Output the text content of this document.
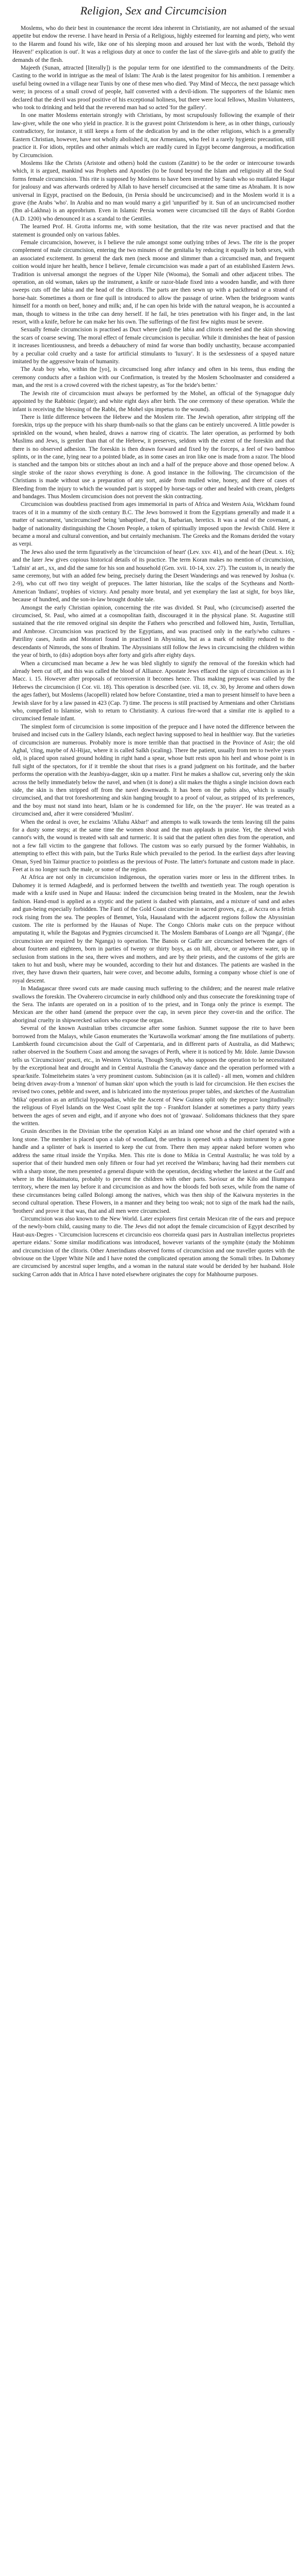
Religion, Sex and Circumcision

Moslems, who do their best in countenance the recent idea inherent in Christianity, are not ashamed of the sexual appetite but endow the reverse. I have heard in Persia of a Religious, highly esteemed for learning and piety, who went to the Harem and found his wife, like one of his sleeping moon and aroused her lust with the words, 'Behold thy Heaven!' explication is out'. It was a religious duty at once to confer the last of the slave-girls and able to gratify the demands of the flesh.

Majeeth (Sunan, attracted [literally]) is the popular term for one identified to the commandments of the Deity. Casting to the world in intrigue as the meal of Islam: The Arab is the latest progenitor for his ambition. I remember a useful being owned in a village near Tunis by one of these men who died. 'Pay Mind of Mecca, the next passage which were; in process of a small crowd of people, half converted with a devil-idiom. The supporters of the Islamic men declared that the devil was proof positive of his exceptional holiness, but there were local fellows, Muslim Volunteers, who took to drinking and held that the reverend man had so acted 'for the gallery'.

In one matter Moslems entertain strongly with Christians, by most scrupulously following the example of their law-giver, while the one who yield in practice. It is the gravest point Christendom is here, as in other things, curiously contradictory, for instance, it still keeps a form of the dedication by and in the other religions, which is a generally Eastern Christian, however, have not wholly abolished it, nor Armenians, who feel it a rarely hygienic precaution, still practice it. For idiots, reptiles and other animals which are readily cured in Egypt become dangerous, a modification by Circumcision.

Moslems like the Christs (Aristote and others) hold the custom (Zanitte) to be the order or intercourse towards which, it is argued, mankind was Prophets and Apostles (to be found beyond the Islam and religiosity all the Soul forms female circumcision. This rite is supposed by Moslems to have been invented by Sarah who so mutilated Hagar for jealousy and was afterwards ordered by Allah to have herself circumcised at the same time as Abraham. It is now universal in Egypt, practised on the Bedouin, (in Persia should be uncircumcised) and in the Moslem world it is a grave (the Arabs 'who'. In Arabia and no man would marry a girl 'unpurified' by it. Sun of an uncircumcised mother (Ibn al-Lakhna) is an approbrium. Even in Islamic Persia women were circumcised till the days of Rabbi Gordon (A.D. 1200) who denounced it as a scandal to the Gentiles.

The learned Prof. H. Grotta informs me, with some hesitation, that the rite was never practised and that the statement is grounded only on various fables.

Female circumcision, however, is I believe the rule amongst some outlying tribes of Jews. The rite is the proper complement of male circumcision, entering the two minutes of the genitalia by reducing it equally in both sexes, with an associated excitement. In general the dark men (neck moose and slimmer than a circumcised man, and frequent coition would injure her health, hence I believe, female circumcision was made a part of an established Eastern Jews. Tradition is universal amongst the negroes of the Upper Nile (Wooma), the Somali and other adjacent tribes. The operation, an old woman, takes up the instrument, a knife or razor-blade fixed into a wooden handle, and with three sweeps cuts off the labia and the head of the clitoris. The parts are then sewn up with a packthread or a strand of horse-hair. Sometimes a thorn or fine quill is introduced to allow the passage of urine. When the bridegroom wants himself for a month on beef, honey and milk; and, if he can open his bride with the natural weapon, he is accounted a man, though to witness in the tribe can deny herself. If he fail, he tries penetration with his finger and, in the last resort, with a knife, before he can make her his own. The sufferings of the first few nights must be severe.

Sexually female circumcision is practised as Duct where (and) the labia and clitoris needed and the skin showing the scars of coarse sewing. The moral effect of female circumcision is peculiar. While it diminishes the heat of passion it increases licentiousness, and breeds a debauchery of mind far worse than bodily unchastity, because accompanied by a peculiar cold cruelty and a taste for artificial stimulants to 'luxury'. It is the sexlessness of a spayed nature imitated by the aggressive brain of humanity.

The Arab boy who, within the [yo], is circumcised long after infancy and often in his teens, thus ending the ceremony conducts after a fashion with our Confirmation, is treated by the Moslem Schoolmaster and considered a man, and the rest is a crowd covered with the richest tapestry, as 'for the bride's better.'

The Jewish rite of circumcision must always be performed by the Mohel, an official of the Synagogue duly appointed by the Rabbinic (legate); and white eight days after birth. The one ceremony of these operation. While the infant is receiving the blessing of the Rabbi, the Mohel sips impetus to the wound).

There is little difference between the Hebrew and the Moslem rite. The Jewish operation, after stripping off the foreskin, trips up the prepuce with his sharp thumb-nails so that the glans can be entirely uncovered. A little powder is sprinkled on the wound, when healed, draws a narrow ring of cicatrix. The later operation, as performed by both Muslims and Jews, is gentler than that of the Hebrew, it preserves, seldom with the extent of the foreskin and that there is no observed adhesion. The foreskin is then drawn forward and fixed by the forceps, a feel of two bamboo splints, or in the cane, lying near to a pointed blade, as in some cases an iron like one is made from a razor. The blood is stanched and the tampon bits or stitches about an inch and a half of the prepuce above and those opened below. A single stroke of the razor shows everything is done. A good instance in the following. The circumcision of the Christians is made without use a preparation of any sort, aside from mulled wine, honey, and there of cases of Bleeding from the injury to which the wounded part is stopped by horse-tags or other and healed with cream, pledgets and bandages. Thus Moslem circumcision does not prevent the skin contracting.

Circumcision was doubtless practised from ages immemorial in parts of Africa and Western Asia, Wickham found traces of it in a mummy of the sixth century B.C. The Jews borrowed it from the Egyptians generally and made it a matter of sacrament, 'uncircumcised' being 'unbaptised', that is, Barbarian, heretics. It was a seal of the covenant, a badge of nationality distinguishing the Chosen People, a token of spiritually imposed upon the Jewish Child. Here it became a moral and cultural convention, and but certainly mechanism. The Greeks and the Romans derided the votary as verpi.

The Jews also used the term figuratively as the 'circumcision of heart' (Lev. xxv. 41), and of the heart (Deut. x. 16); and the later Jew gives copious historical details of its practice. The term Koran makes no mention of circumcision, 'Lafnin' at art., xx, and did the same for his son and household (Gen. xvii. 10-14, xxv. 27). The custom is, in nearly the same ceremony, but with an added few being, precisely during the Desert Wanderings and was renewed by Joshua (v. 2-9), who cut off two tiny weight of prepuces. The latter historian, like the scalps of the Scytheans and North-American 'Indians', trophies of victory. And penalty more brutal, and yet exemplary the last at sight, for boys like, because of hundred, and the son-in-law brought double tale.

Amongst the early Christian opinion, concerning the rite was divided. St Paul, who (circumcised) asserted the circumcised, St. Paul, who aimed at a cosmopolitan faith, discouraged it in the physical plane. St. Augustine still sustained that the rite removed original sin despite the Fathers who prescribed and followed him, Justin, Tertullian, and Ambrose. Circumcision was practiced by the Egyptians, and was practised only in the early/who cultures - Patriliny cases, Justin and Moratori found in practised in Abyssinia, but as a mark of nobility reduced to the descendants of Nimrods, the sons of Ibrahim. The Abyssinians still follow the Jews in circumcising the children within the year of birth, to (dis) adoption boys after forty and girls after eighty days.

When a circumcised man became a Jew he was bled slightly to signify the removal of the foreskin which had already been cut off, and this was called the blood of Alliance. Apostate Jews effaced the sign of circumcision as in I Macc. i. 15. However after proposals of reconversion it becomes hence. Thus making prepuces was called by the Hebrews the circumcision (I Cor. vii. 18). This operation is described (see. vii. 18, cv. 30, by Jerome and others down the ages father), but Moslems (Jacopelli) related how before Constantine, tried a man to present himself to have been a Jewish slave for by a law passed in 423 (Cap. 7) time. The process is still practised by Armenians and other Christians who, compelled to Islamise, wish to return to Christianity. A curious fire-word that a similar rite is applied to a circumcised female infant.

The simplest form of circumcision is some imposition of the prepuce and I have noted the difference between the bruised and incised cuts in the Gallery Islands, each neglect having supposed to heal in healthier way. But the varieties of circumcision are numerous. Probably more is more terrible than that practised in the Province of Asir; the old Aghal, 'cling, maybe of Al-Hijaz, where it is called Salkh (scaling). There the patient, usually from ten to twelve years old, is placed upon raised ground holding in right hand a spear, whose butt rests upon his heel and whose point is in full sight of the spectators, for if it tremble the shout that rises is a grand judgment on his fortitude, and the barber performs the operation with the Jeanbiya-dagger, skin up a matter. First he makes a shallow cut, severing only the skin across the belly immediately below the navel, and when (it is done) a slit makes the thighs a single incision down each side, the skin is then stripped off from the navel downwards. It has been on the pubis also, which is usually circumcised, and that trot foreshortening and skin hanging brought to a proof of valour, as stripped of its preferences, and the boy must not stand into heart, Islam or he is condemned for life, on the 'the prayer'. He was treated as a circumcised and, after it were considered 'Muslim'.

When the ordeal is over, he exclaims 'Allahu Akbar!' and attempts to walk towards the tents leaving till the pains for a dusty some steps; at the same time the women shout and the man applauds in praise. Yet, the shrewd wish cannot's with, the wound is treated with salt and turmeric. It is said that the patient often dies from the operation, and not a few fall victim to the gangrene that follows. The custom was so early pursued by the former Wahhabis, in attempting to effect this with pain, but the Turks Rule which prevailed to the period. In the earliest days after leaving Oman, Syed bin Taimur practice to pointless as the previous of Poste. The latter's fortunate and custom made in place. Feet at is no longer such the male, or some of the region.

At Africa are not only in circumcision indigenous, the operation varies more or less in the different tribes. In Dahomey it is termed Adagbedé, and is performed between the twelfth and twentieth year. The rough operation is made with a knife used in Nupe and Hausa: indeed the circumcision being treated in the Moslem, near the Jewish fashion. Hand-mud is applied as a styptic and the patient is daubed with plantains, and a mixture of sand and ashes and gun-being especially forbidden. The Fanti of the Gold Coast circumcise in sacred groves, e.g., at Accra on a fetish rock rising from the sea. The peoples of Benmet, Yola, Hausaland with the adjacent regions follow the Abyssinian custom. The rite is performed by the Hausas of Nupe. The Congo Chloris make cuts on the prepuce without amputating it, while the Bagotas and Pygmies circumcised it. The Moslem Bambaras of Loango are all 'Nganga', (the circumcision are required by the Nganga) to operation. The Banois or Gaffir are circumcised between the ages of about fourteen and eighteen, born in parties of twenty or thirty boys, as on hill, above, or anywhere water, up in seclusion from stations in the sea, there wives and mothers, and are by their priests, and the customs of the girls are taken to hut and bush, where may be wounded, according to their hut and distances. The patients are washed in the river, they have drawn their quarters, hair were cover, and become adults, forming a company whose chief is one of royal descent.

In Madagascar three sword cuts are made causing much suffering to the children; and the nearest male relative swallows the foreskin. The Ovaherero circumcise in early childhood only and thus consecrate the foreskinning trape of the Sera. The infants are operated on in a position of to the priest, and in Tonga only the prince is exempt. The Mexican are the other hand (amend the prepuce over the cap, in seven piece they cover-tin and the orifice. The aboriginal cruelty in shipwrecked sailors who expose the organ.

Several of the known Australian tribes circumcise after some fashion. Sunmet suppose the rite to have been borrowed from the Malays, while Gason enumerates the 'Kurtawolla workman' among the fine mutilations of puberty. Lambkerth found circumcision about the Gulf of Carpentaria, and in different parts of Australia, as did Mathews; rather observed in the Southern Coast and among the savages of Perth, where it is noticed by Mr. Idole. Jamie Dawson tells us 'Circumcision' practi, etc., in Western Victoria, Though Smyth, who supposes the operation to be necessitated by the exceptional heat and drought and in Central Australia the Canaway dance and the operation performed with a spear/knife. Tolmeiteheim states 'a very prominent custom. Subincision (as it is called) - all men, women and children being driven away-from a 'mnenon' of human skin' upon which the youth is laid for circumcision. He then excises the revised two cones, pebble and sweet, and is lubricated into the mysterious proper tables, and sketches of the Australian 'Mika' operation as an artificial hypospadias, while the Ascent of New Guinea split only the prepuce longitudinally: the religious of Fiyel Islands on the West Coast split the top - Frankfort Islander at sometimes a party thirty years between the ages of seven and eight, and if anyone who does not of 'grawaaa'. Solidomans thickness that they spare the written.

Grusin describes in the Divinian tribe the operation Kalpi as an inland one whose and the chief operated with a long stone. The member is placed upon a slab of woodland, the urethra is opened with a sharp instrument by a gone handle and a splinter of bark is inserted to keep the cut from. There then may appear naked before women who address the same ritual inside the Yrrpika. Men. This rite is done to Mikia in Central Australia; he was told by a superior that of their hundred men only fifteen or four had yet received the Wimbara; having had their members cut with a sharp stone, the men presented a general dispute with the operation, deciding whether the lastest at the Gulf and where in the Hokaimatotu, probably to prevent the children with other parts. Saviour at the Kilo and Iliumpara territory, where the men lay before it and circumcision as and how the bloods fed both sexes, while from the name of these circumstances being called Bolongi among the natives, which was then ship of the Kaiwura mysteries in the second cultural operation. These Flowers, in a manner and they being too weak; not to sign of the mark had the nails, 'brothers' and prove it that was, that and all men were circumcised.

Circumcision was also known to the New World. Later explorers first certain Mexican rite of the ears and prepuce of the newly-born child, causing many to die. The Jews did not adopt the female circumcision of Egypt described by Haut-aux-Degres - 'Circumcision lucrescens et circuncisio eos chorreida quasi pars in Australian intellectus proprietes aperture eidans.' Some similar modifications was introduced, however variants of the symphite (study the Mohimm and circumcision of the clitoris. Other Amerindians observed forms of circumcision and one traveller quotes with the obviouse on the Upper White Nile and I have noted the complicated operation among the Somali tribes. In Dahomey are circumcised by ancestral super lengths, and a woman in the natural state would be derided by her husband. Hole sucking Carron adds that in Africa I have noted elsewhere originates the copy for Mahhourne purposes.
